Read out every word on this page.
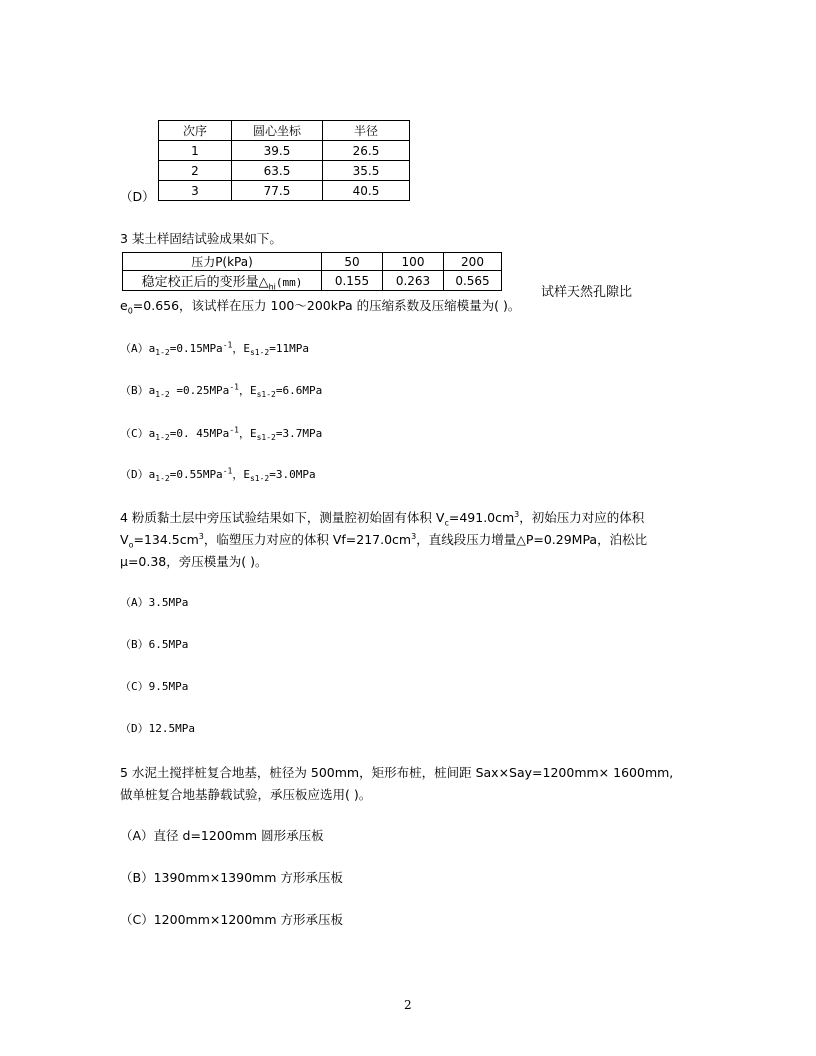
次序	圆心坐标	半径
1	39.5	26.5
2	63.5	35.5
3	77.5	40.5
（D）
3 某土样固结试验成果如下。
压力P(kPa)	50	100	200
稳定校正后的变形量$\triangle_{hi}(mm)$	0.155	0.263	0.565
试样天然孔隙比
$e_0=0.656$，该试样在压力 100～200kPa 的压缩系数及压缩模量为( )。
$(A)a_{1-2}=0.15MPa^{-1}$，$E_{s1-2}=11MPa$
$(B)a_{1-2} =0.25MPa^{-1}$，$E_{s1-2}=6.6MPa$
$(C)a_{1-2}=0$. 45MPa$^{-1}$，$E_{s1-2}=3.7MPa$
$(D)a_{1-2}=0.55MPa^{-1}$，$E_{s1-2}=3.0MPa$
4 粉质黏土层中旁压试验结果如下，测量腔初始固有体积 $V_c=491.0cm^3$，初始压力对应的体积
$V_o=134.5cm^3$，临塑压力对应的体积 $Vf=217.0cm^3$，直线段压力增量△P=0.29MPa，泊松比
μ=0.38，旁压模量为( )。
（A）3.5MPa
（B）6.5MPa
（C）9.5MPa
（D）12.5MPa
5 水泥土搅拌桩复合地基，桩径为 500mm，矩形布桩，桩间距 Sax×Say=1200mm× 1600mm,
做单桩复合地基静载试验，承压板应选用( )。
（A）直径 d=1200mm 圆形承压板
（B）1390mm×1390mm 方形承压板
（C）1200mm×1200mm 方形承压板
2
